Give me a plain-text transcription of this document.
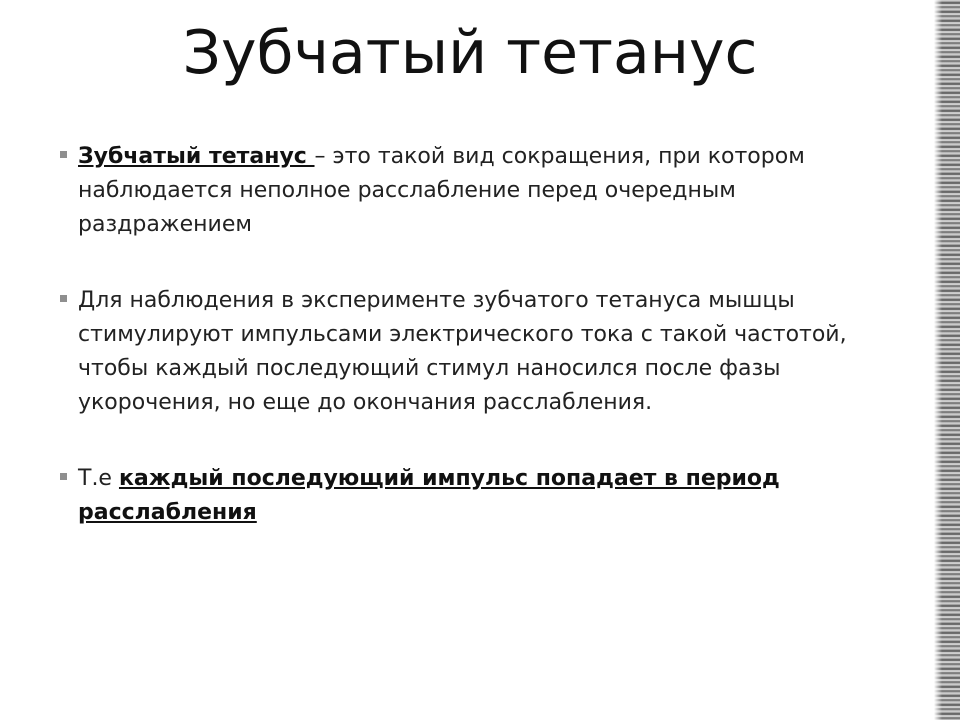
Зубчатый тетанус
Зубчатый тетанус – это такой вид сокращения, при котором наблюдается неполное расслабление перед очередным раздражением
Для наблюдения в эксперименте зубчатого тетануса мышцы стимулируют импульсами электрического тока с такой частотой, чтобы каждый последующий стимул наносился после фазы укорочения, но еще до окончания расслабления.
Т.е каждый последующий импульс попадает в период расслабления
